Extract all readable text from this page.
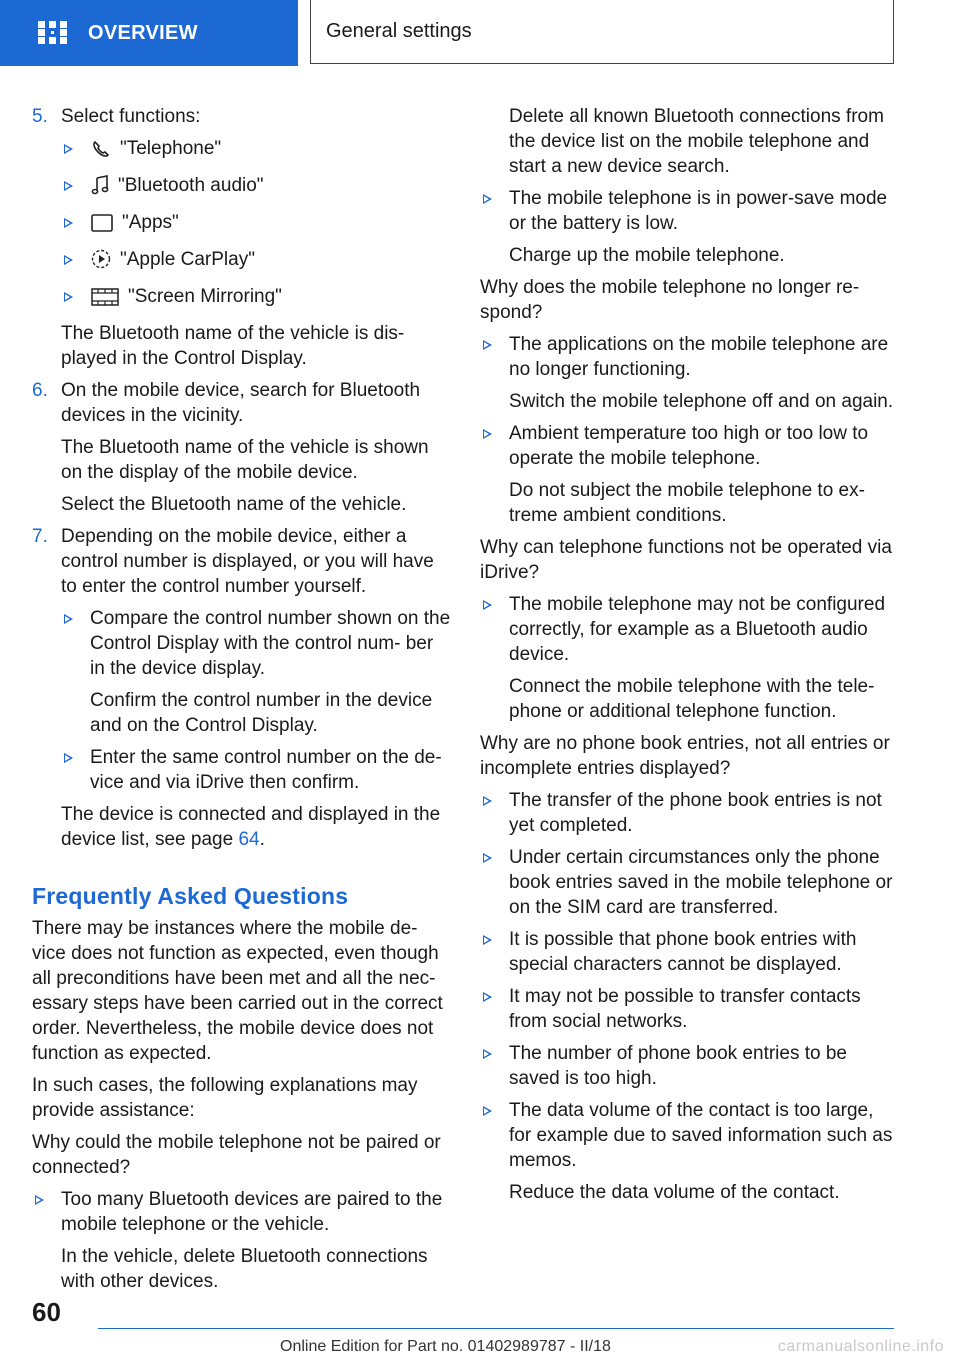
OVERVIEW	General settings
5. Select functions:

"Telephone"
"Bluetooth audio"
"Apps"
"Apple CarPlay"
"Screen Mirroring"

The Bluetooth name of the vehicle is dis‐ played in the Control Display.

6. On the mobile device, search for Bluetooth devices in the vicinity.

The Bluetooth name of the vehicle is shown on the display of the mobile device.

Select the Bluetooth name of the vehicle.

7. Depending on the mobile device, either a control number is displayed, or you will have to enter the control number yourself.

Compare the control number shown on the Control Display with the control num‐ ber in the device display.

Confirm the control number in the device and on the Control Display.

Enter the same control number on the de‐ vice and via iDrive then confirm.

The device is connected and displayed in the device list, see page 64.

Frequently Asked Questions

There may be instances where the mobile de‐ vice does not function as expected, even though all preconditions have been met and all the nec‐ essary steps have been carried out in the correct order. Nevertheless, the mobile device does not function as expected.

In such cases, the following explanations may provide assistance:

Why could the mobile telephone not be paired or connected?

Too many Bluetooth devices are paired to the mobile telephone or the vehicle.

In the vehicle, delete Bluetooth connections with other devices.

Delete all known Bluetooth connections from the device list on the mobile telephone and start a new device search.

The mobile telephone is in power-save mode or the battery is low.

Charge up the mobile telephone.

Why does the mobile telephone no longer re‐ spond?

The applications on the mobile telephone are no longer functioning.

Switch the mobile telephone off and on again.

Ambient temperature too high or too low to operate the mobile telephone.

Do not subject the mobile telephone to ex‐ treme ambient conditions.

Why can telephone functions not be operated via iDrive?

The mobile telephone may not be configured correctly, for example as a Bluetooth audio device.

Connect the mobile telephone with the tele‐ phone or additional telephone function.

Why are no phone book entries, not all entries or incomplete entries displayed?

The transfer of the phone book entries is not yet completed.

Under certain circumstances only the phone book entries saved in the mobile telephone or on the SIM card are transferred.

It is possible that phone book entries with special characters cannot be displayed.

It may not be possible to transfer contacts from social networks.

The number of phone book entries to be saved is too high.

The data volume of the contact is too large, for example due to saved information such as memos.

Reduce the data volume of the contact.

60
Online Edition for Part no. 01402989787 - II/18	carmanualsonline.info
